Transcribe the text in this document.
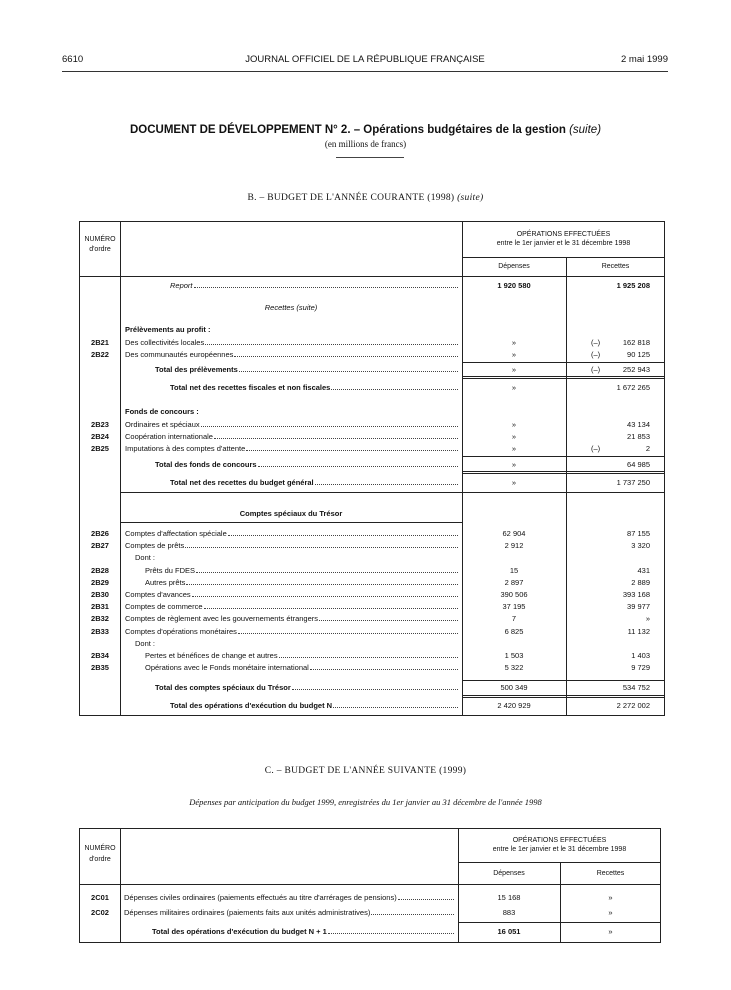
6610	JOURNAL OFFICIEL DE LA RÉPUBLIQUE FRANÇAISE	2 mai 1999
DOCUMENT DE DÉVELOPPEMENT N° 2. – Opérations budgétaires de la gestion (suite)
(en millions de francs)
B. – BUDGET DE L'ANNÉE COURANTE (1998) (suite)
NUMÉRO
d'ordre
OPÉRATIONS EFFECTUÉES
entre le 1er janvier et le 31 décembre 1998
Dépenses	Recettes
Report	1 920 580	1 925 208
Recettes (suite)
Prélèvements au profit :
2B21	Des collectivités locales	»	(–)	162 818
2B22	Des communautés européennes	»	(–)	90 125
Total des prélèvements	»	(–)	252 943
Total net des recettes fiscales et non fiscales	»	1 672 265
Fonds de concours :
2B23	Ordinaires et spéciaux	»	43 134
2B24	Coopération internationale	»	21 853
2B25	Imputations à des comptes d'attente	»	(–)	2
Total des fonds de concours	»	64 985
Total net des recettes du budget général	»	1 737 250
Comptes spéciaux du Trésor
2B26	Comptes d'affectation spéciale	62 904	87 155
2B27	Comptes de prêts	2 912	3 320
Dont :
2B28	Prêts du FDES	15	431
2B29	Autres prêts	2 897	2 889
2B30	Comptes d'avances	390 506	393 168
2B31	Comptes de commerce	37 195	39 977
2B32	Comptes de règlement avec les gouvernements étrangers	7	»
2B33	Comptes d'opérations monétaires	6 825	11 132
Dont :
2B34	Pertes et bénéfices de change et autres	1 503	1 403
2B35	Opérations avec le Fonds monétaire international	5 322	9 729
Total des comptes spéciaux du Trésor	500 349	534 752
Total des opérations d'exécution du budget N	2 420 929	2 272 002
C. – BUDGET DE L'ANNÉE SUIVANTE (1999)
Dépenses par anticipation du budget 1999, enregistrées du 1er janvier au 31 décembre de l'année 1998
NUMÉRO
d'ordre
OPÉRATIONS EFFECTUÉES
entre le 1er janvier et le 31 décembre 1998
Dépenses	Recettes
2C01	Dépenses civiles ordinaires (paiements effectués au titre d'arrérages de pensions)	15 168	»
2C02	Dépenses militaires ordinaires (paiements faits aux unités administratives)	883	»
Total des opérations d'exécution du budget N + 1	16 051	»
